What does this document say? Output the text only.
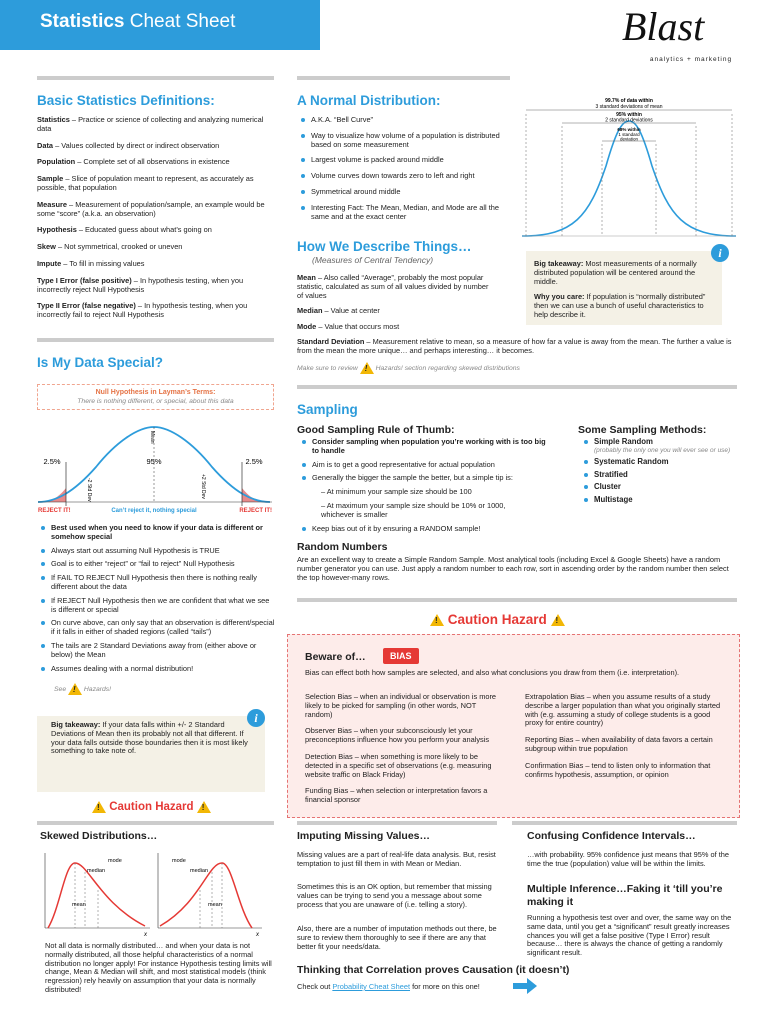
Statistics Cheat Sheet	Blast
analytics + marketing
Basic Statistics Definitions:
Statistics – Practice or science of collecting and analyzing numerical data
Data – Values collected by direct or indirect observation
Population – Complete set of all observations in existence
Sample – Slice of population meant to represent, as accurately as possible, that population
Measure – Measurement of population/sample, an example would be some “score” (a.k.a. an observation)
Hypothesis – Educated guess about what’s going on
Skew – Not symmetrical, crooked or uneven
Impute – To fill in missing values
Type I Error (false positive) – In hypothesis testing, when you incorrectly reject Null Hypothesis
Type II Error (false negative) – In hypothesis testing, when you incorrectly fail to reject Null Hypothesis
A Normal Distribution:
A.K.A. “Bell Curve”
Way to visualize how volume of a population is distributed based on some measurement
Largest volume is packed around middle
Volume curves down towards zero to left and right
Symmetrical around middle
Interesting Fact: The Mean, Median, and Mode are all the same and at the exact center
99.7% of data within
3 standard deviations of mean
95% within
2 standard deviations
68% within
1 standard
deviation
How We Describe Things…
(Measures of Central Tendency)
Mean – Also called “Average”, probably the most popular statistic, calculated as sum of all values divided by number of values
Median – Value at center
Mode – Value that occurs most
Standard Deviation – Measurement relative to mean, so a measure of how far a value is away from the mean. The further a value is from the mean the more unique… and perhaps interesting… it becomes.
Make sure to review !	Hazards! section regarding skewed distributions
Big takeaway: Most measurements of a normally distributed population will be centered around the middle.
Why you care: If population is “normally distributed” then we can use a bunch of useful characteristics to help describe it.
i
Is My Data Special?
Null Hypothesis in Layman’s Terms:
There is nothing different, or special, about this data
2.5%	95%	2.5%
Mean
-2 Std Dev	+2 Std Dev
REJECT IT!	Can’t reject it, nothing special	REJECT IT!
Best used when you need to know if your data is different or somehow special
Always start out assuming Null Hypothesis is TRUE
Goal is to either “reject” or “fail to reject” Null Hypothesis
If FAIL TO REJECT Null Hypothesis then there is nothing really different about the data
If REJECT Null Hypothesis then we are confident that what we see is different or special
On curve above, can only say that an observation is different/special if it falls in either of shaded regions (called “tails”)
The tails are 2 Standard Deviations away from (either above or below) the Mean
Assumes dealing with a normal distribution!
See !	Hazards!
Big takeaway: If your data falls within +/- 2 Standard Deviations of Mean then its probably not all that different. If your data falls outside those boundaries then it is most likely something to take note of.
i
! Caution Hazard !
Sampling
Good Sampling Rule of Thumb:
Consider sampling when population you’re working with is too big to handle
Aim is to get a good representative for actual population
Generally the bigger the sample the better, but a simple tip is:
– At minimum your sample size should be 100
– At maximum your sample size should be 10% or 1000, whichever is smaller
Keep bias out of it by ensuring a RANDOM sample!
Some Sampling Methods:
Simple Random
(probably the only one you will ever see or use)
Systematic Random
Stratified
Cluster
Multistage
Random Numbers
Are an excellent way to create a Simple Random Sample. Most analytical tools (including Excel & Google Sheets) have a random number generator you can use. Just apply a random number to each row, sort in ascending order by the random number then select the top however-many rows.
! Caution Hazard !
Beware of…	BIAS
Bias can effect both how samples are selected, and also what conclusions you draw from them (i.e. interpretation).
Selection Bias – when an individual or observation is more likely to be picked for sampling (in other words, NOT random)
Observer Bias – when your subconsciously let your preconceptions influence how you perform your analysis
Detection Bias – when something is more likely to be detected in a specific set of observations (e.g. measuring website traffic on Black Friday)
Funding Bias – when selection or interpretation favors a financial sponsor
Extrapolation Bias – when you assume results of a study describe a larger population than what you originally started with (e.g. assuming a study of college students is a good proxy for entire country)
Reporting Bias – when availability of data favors a certain subgroup within true population
Confirmation Bias – tend to listen only to information that confirms hypothesis, assumption, or opinion
Skewed Distributions…
mode
median
mean
x
mode
median
mean
x
Not all data is normally distributed… and when your data is not normally distributed, all those helpful characteristics of a normal distribution no longer apply! For instance Hypothesis testing limits will change, Mean & Median will shift, and most statistical models (think regression) rely heavily on assumption that your data is normally distributed!
Imputing Missing Values…
Missing values are a part of real-life data analysis. But, resist temptation to just fill them in with Mean or Median.
Sometimes this is an OK option, but remember that missing values can be trying to send you a message about some process that you are unaware of (i.e. telling a story).
Also, there are a number of imputation methods out there, be sure to review them thoroughly to see if there are any that better fit your needs/data.
Confusing Confidence Intervals…
…with probability. 95% confidence just means that 95% of the time the true (population) value will be within the limits.
Multiple Inference…Faking it ‘till you’re making it
Running a hypothesis test over and over, the same way on the same data, until you get a “significant” result greatly increases chances you will get a false positive (Type I Error) result because… there is always the chance of getting a randomly significant result.
Thinking that Correlation proves Causation (it doesn’t)
Check out Probability Cheat Sheet for more on this one!
